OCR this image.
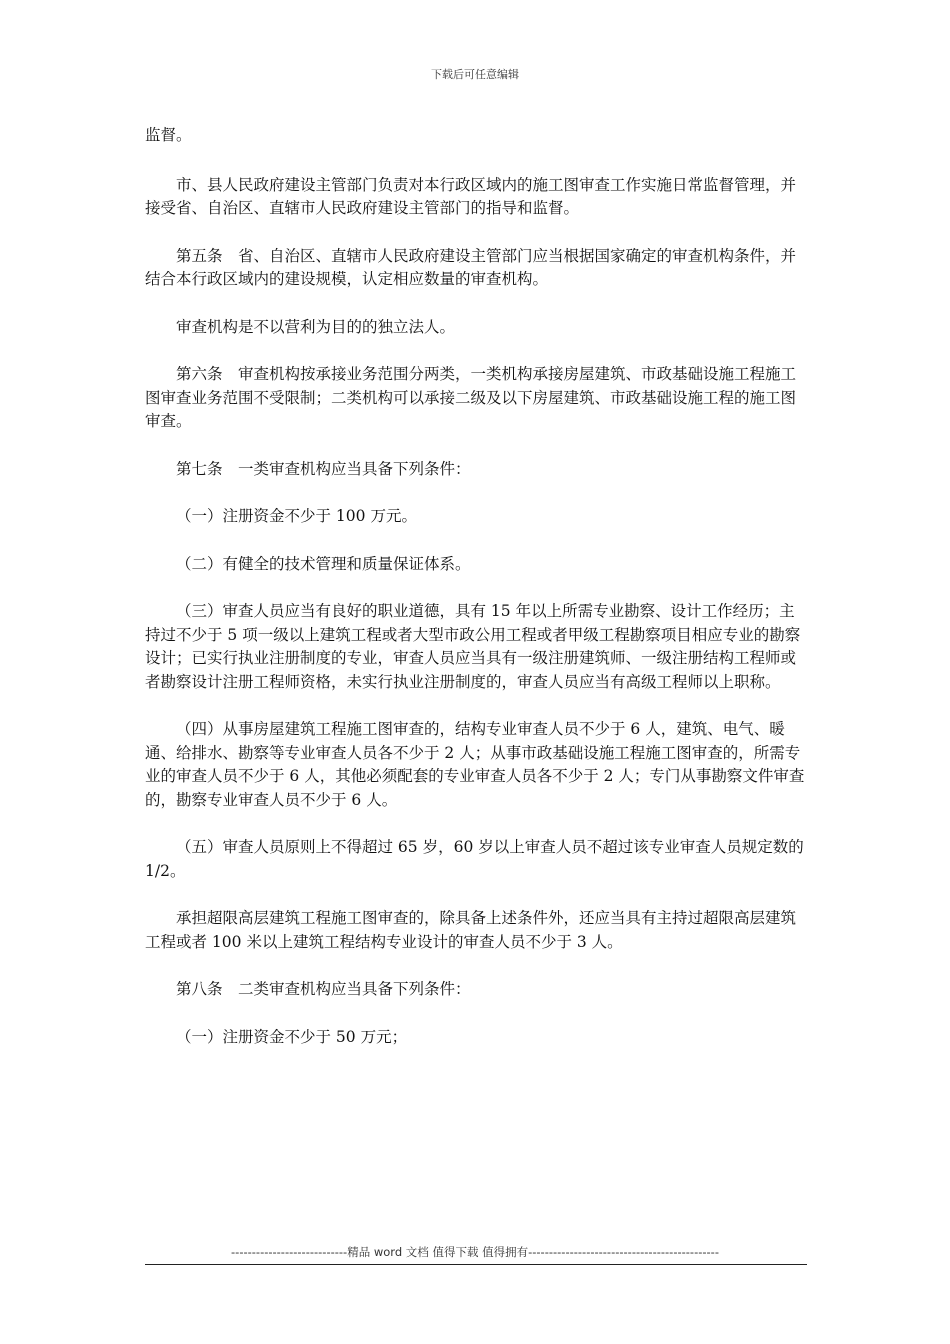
下载后可任意编辑

监督。

市、县人民政府建设主管部门负责对本行政区域内的施工图审查工作实施日常监督管理，并接受省、自治区、直辖市人民政府建设主管部门的指导和监督。

第五条　省、自治区、直辖市人民政府建设主管部门应当根据国家确定的审查机构条件，并结合本行政区域内的建设规模，认定相应数量的审查机构。

审查机构是不以营利为目的的独立法人。

第六条　审查机构按承接业务范围分两类，一类机构承接房屋建筑、市政基础设施工程施工图审查业务范围不受限制；二类机构可以承接二级及以下房屋建筑、市政基础设施工程的施工图审查。

第七条　一类审查机构应当具备下列条件：

（一）注册资金不少于 100 万元。

（二）有健全的技术管理和质量保证体系。

（三）审查人员应当有良好的职业道德，具有 15 年以上所需专业勘察、设计工作经历；主持过不少于 5 项一级以上建筑工程或者大型市政公用工程或者甲级工程勘察项目相应专业的勘察设计；已实行执业注册制度的专业，审查人员应当具有一级注册建筑师、一级注册结构工程师或者勘察设计注册工程师资格，未实行执业注册制度的，审查人员应当有高级工程师以上职称。

（四）从事房屋建筑工程施工图审查的，结构专业审查人员不少于 6 人，建筑、电气、暖通、给排水、勘察等专业审查人员各不少于 2 人；从事市政基础设施工程施工图审查的，所需专业的审查人员不少于 6 人，其他必须配套的专业审查人员各不少于 2 人；专门从事勘察文件审查的，勘察专业审查人员不少于 6 人。

（五）审查人员原则上不得超过 65 岁，60 岁以上审查人员不超过该专业审查人员规定数的 1/2。

承担超限高层建筑工程施工图审查的，除具备上述条件外，还应当具有主持过超限高层建筑工程或者 100 米以上建筑工程结构专业设计的审查人员不少于 3 人。

第八条　二类审查机构应当具备下列条件：

（一）注册资金不少于 50 万元；

----------------------------精品 word 文档 值得下载 值得拥有----------------------------------------------
